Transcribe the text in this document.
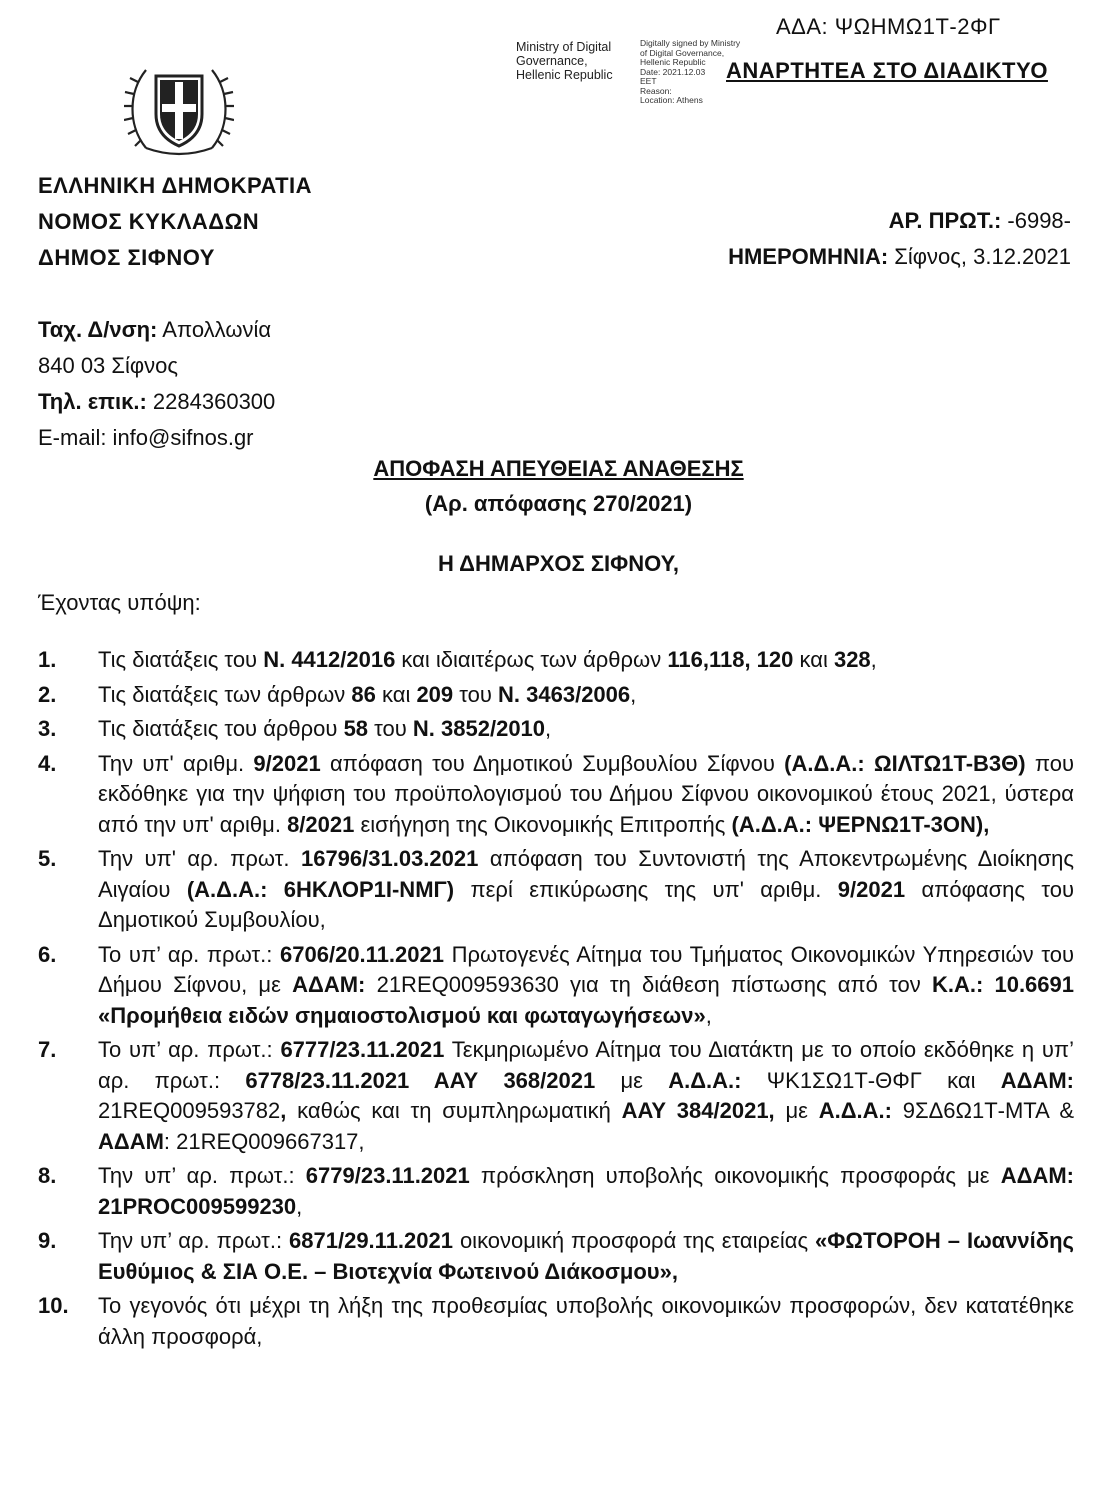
ΑΔΑ: ΨΩΗΜΩ1Τ-2ΦΓ
Ministry of Digital
Governance,
Hellenic Republic
Digitally signed by Ministry
of Digital Governance,
Hellenic Republic
Date: 2021.12.03
EET
Reason:
Location: Athens
ΑΝΑΡΤΗΤΕΑ ΣΤΟ ΔΙΑΔΙΚΤΥΟ
ΕΛΛΗΝΙΚΗ ΔΗΜΟΚΡΑΤΙΑ
ΝΟΜΟΣ ΚΥΚΛΑΔΩΝ
ΔΗΜΟΣ ΣΙΦΝΟΥ
ΑΡ. ΠΡΩΤ.: -6998-
ΗΜΕΡΟΜΗΝΙΑ: Σίφνος, 3.12.2021
Ταχ. Δ/νση: Απολλωνία
840 03 Σίφνος
Τηλ. επικ.: 2284360300
E-mail: info@sifnos.gr
ΑΠΟΦΑΣΗ ΑΠΕΥΘΕΙΑΣ ΑΝΑΘΕΣΗΣ
(Αρ. απόφασης 270/2021)
Η ΔΗΜΑΡΧΟΣ ΣΙΦΝΟΥ,
Έχοντας υπόψη:
1.	Τις διατάξεις του Ν. 4412/2016 και ιδιαιτέρως των άρθρων 116,118, 120 και 328,
2.	Τις διατάξεις των άρθρων 86 και 209 του Ν. 3463/2006,
3.	Τις διατάξεις του άρθρου 58 του Ν. 3852/2010,
4.	Την υπ' αριθμ. 9/2021 απόφαση του Δημοτικού Συμβουλίου Σίφνου (Α.Δ.Α.: ΩΙΛΤΩ1Τ-Β3Θ) που εκδόθηκε για την ψήφιση του προϋπολογισμού του Δήμου Σίφνου οικονομικού έτους 2021, ύστερα από την υπ' αριθμ. 8/2021 εισήγηση της Οικονομικής Επιτροπής (Α.Δ.Α.: ΨΕΡΝΩ1Τ-3ΟΝ),
5.	Την υπ' αρ. πρωτ. 16796/31.03.2021 απόφαση του Συντονιστή της Αποκεντρωμένης Διοίκησης Αιγαίου (Α.Δ.Α.: 6ΗΚΛΟΡ1Ι-ΝΜΓ) περί επικύρωσης της υπ' αριθμ. 9/2021 απόφασης του Δημοτικού Συμβουλίου,
6.	Το υπ’ αρ. πρωτ.: 6706/20.11.2021 Πρωτογενές Αίτημα του Τμήματος Οικονομικών Υπηρεσιών του Δήμου Σίφνου, με ΑΔΑΜ: 21REQ009593630 για τη διάθεση πίστωσης από τον Κ.Α.: 10.6691 «Προμήθεια ειδών σημαιοστολισμού και φωταγωγήσεων»,
7.	Το υπ’ αρ. πρωτ.: 6777/23.11.2021 Τεκμηριωμένο Αίτημα του Διατάκτη με το οποίο εκδόθηκε η υπ’ αρ. πρωτ.: 6778/23.11.2021 ΑΑΥ 368/2021 με Α.Δ.Α.: ΨΚ1ΣΩ1Τ-ΘΦΓ και ΑΔΑΜ: 21REQ009593782, καθώς και τη συμπληρωματική ΑΑΥ 384/2021, με Α.Δ.Α.: 9ΣΔ6Ω1Τ-ΜΤΑ & ΑΔΑΜ: 21REQ009667317,
8.	Την υπ’ αρ. πρωτ.: 6779/23.11.2021 πρόσκληση υποβολής οικονομικής προσφοράς με ΑΔΑΜ: 21PROC009599230,
9.	Την υπ’ αρ. πρωτ.: 6871/29.11.2021 οικονομική προσφορά της εταιρείας «ΦΩΤΟΡΟΗ – Ιωαννίδης Ευθύμιος & ΣΙΑ Ο.Ε. – Βιοτεχνία Φωτεινού Διάκοσμου»,
10.	Το γεγονός ότι μέχρι τη λήξη της προθεσμίας υποβολής οικονομικών προσφορών, δεν κατατέθηκε άλλη προσφορά,
